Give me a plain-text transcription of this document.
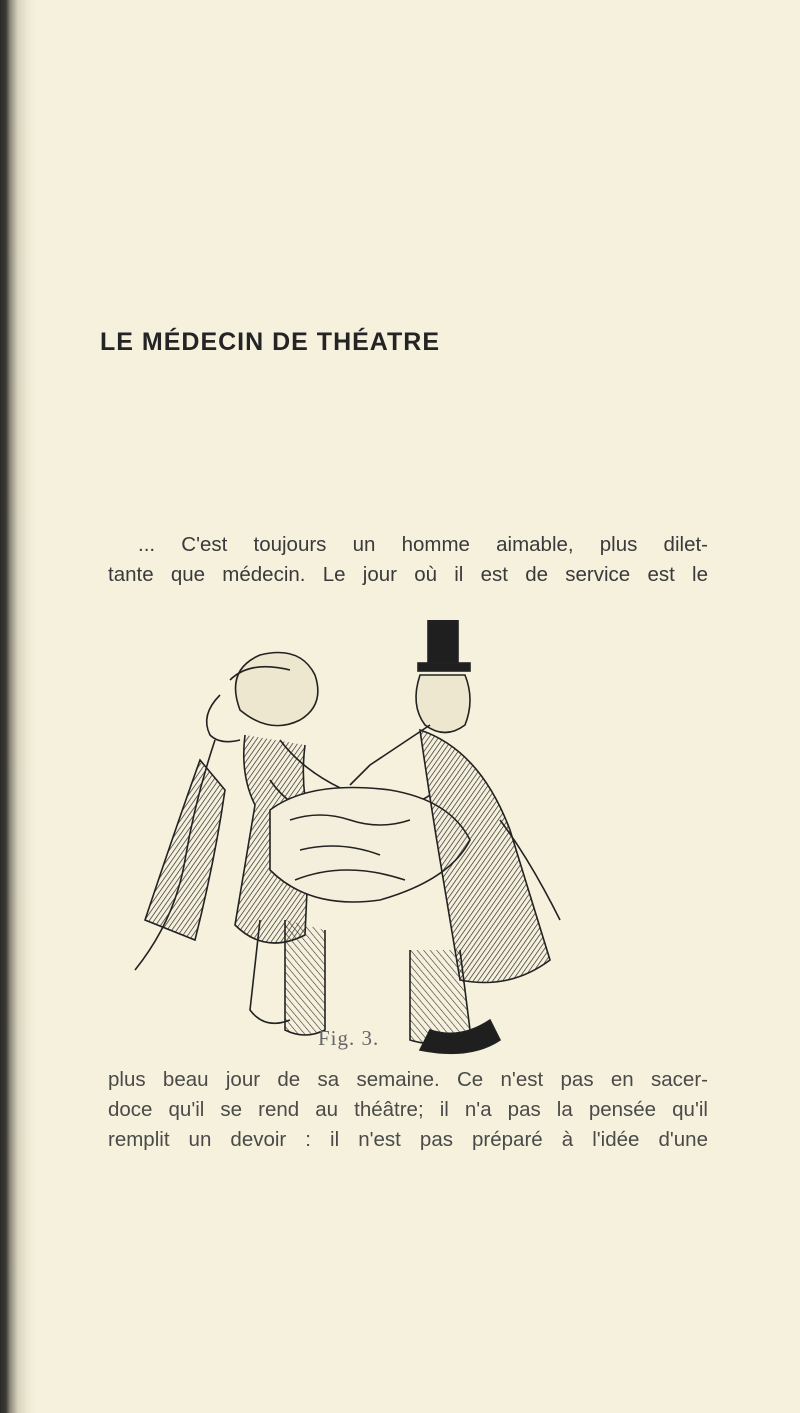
LE MÉDECIN DE THÉATRE
... C'est toujours un homme aimable, plus dilet-
tante que médecin. Le jour où il est de service est le
Fig. 3.
plus beau jour de sa semaine. Ce n'est pas en sacer-
doce qu'il se rend au théâtre; il n'a pas la pensée qu'il
remplit un devoir : il n'est pas préparé à l'idée d'une
